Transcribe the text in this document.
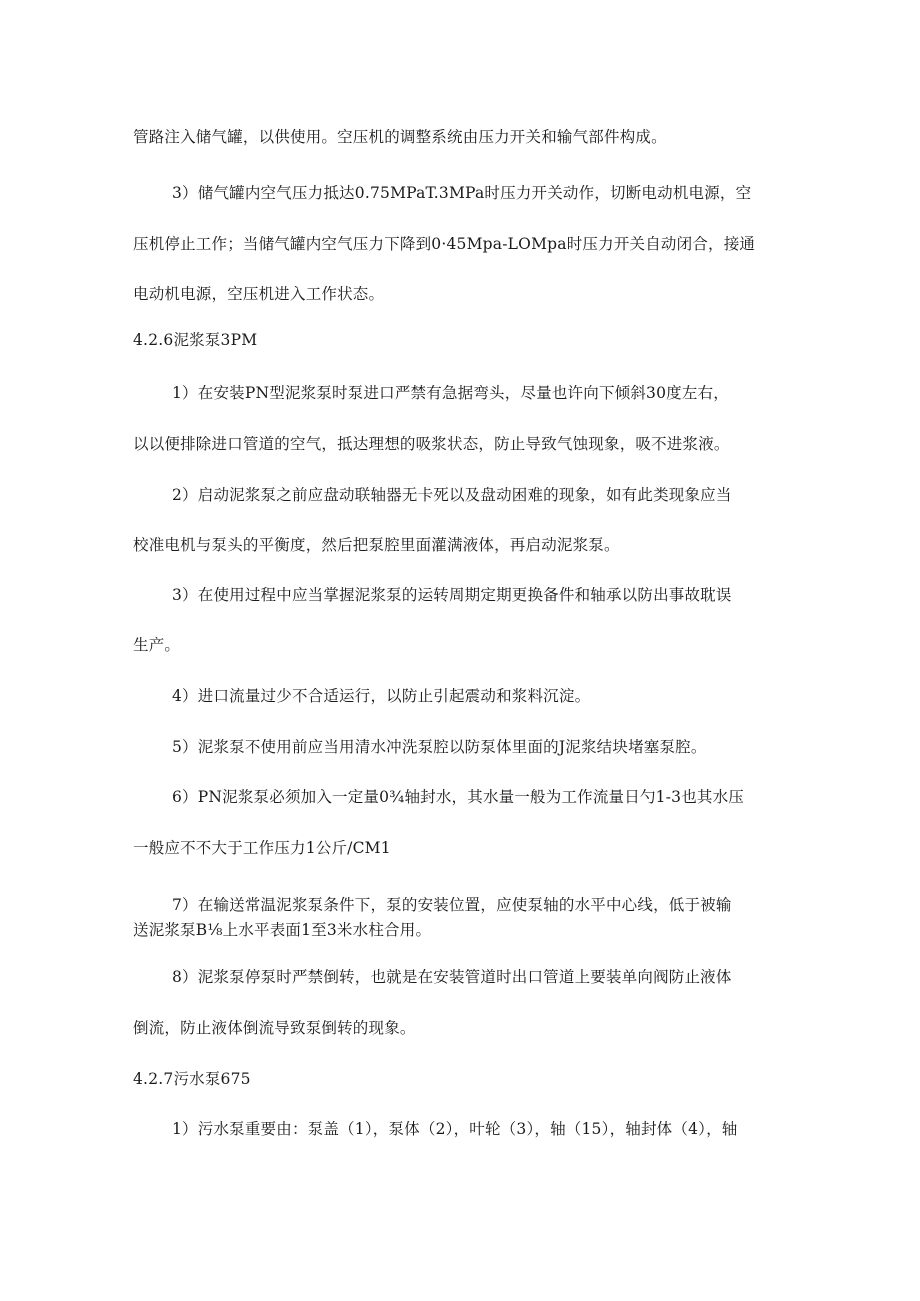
管路注入储气罐，以供使用。空压机的调整系统由压力开关和输气部件构成。
3）储气罐内空气压力抵达0.75MPaT.3MPa时压力开关动作，切断电动机电源，空
压机停止工作；当储气罐内空气压力下降到0·45Mpa-LOMpa时压力开关自动闭合，接通
电动机电源，空压机进入工作状态。
4.2.6泥浆泵3PM
1）在安装PN型泥浆泵时泵进口严禁有急据弯头，尽量也许向下倾斜30度左右，
以以便排除进口管道的空气，抵达理想的吸浆状态，防止导致气蚀现象，吸不进浆液。
2）启动泥浆泵之前应盘动联轴器无卡死以及盘动困难的现象，如有此类现象应当
校准电机与泵头的平衡度，然后把泵腔里面灌满液体，再启动泥浆泵。
3）在使用过程中应当掌握泥浆泵的运转周期定期更换备件和轴承以防出事故耽误
生产。
4）进口流量过少不合适运行，以防止引起震动和浆料沉淀。
5）泥浆泵不使用前应当用清水冲洗泵腔以防泵体里面的J泥浆结块堵塞泵腔。
6）PN泥浆泵必须加入一定量0¾轴封水，其水量一般为工作流量日勺1-3也其水压
一般应不不大于工作压力1公斤/CM1
7）在输送常温泥浆泵条件下，泵的安装位置，应使泵轴的水平中心线，低于被输
送泥浆泵B⅛上水平表面1至3米水柱合用。
8）泥浆泵停泵时严禁倒转，也就是在安装管道时出口管道上要装单向阀防止液体
倒流，防止液体倒流导致泵倒转的现象。
4.2.7污水泵675
1）污水泵重要由：泵盖（1），泵体（2），叶轮（3），轴（15），轴封体（4），轴
